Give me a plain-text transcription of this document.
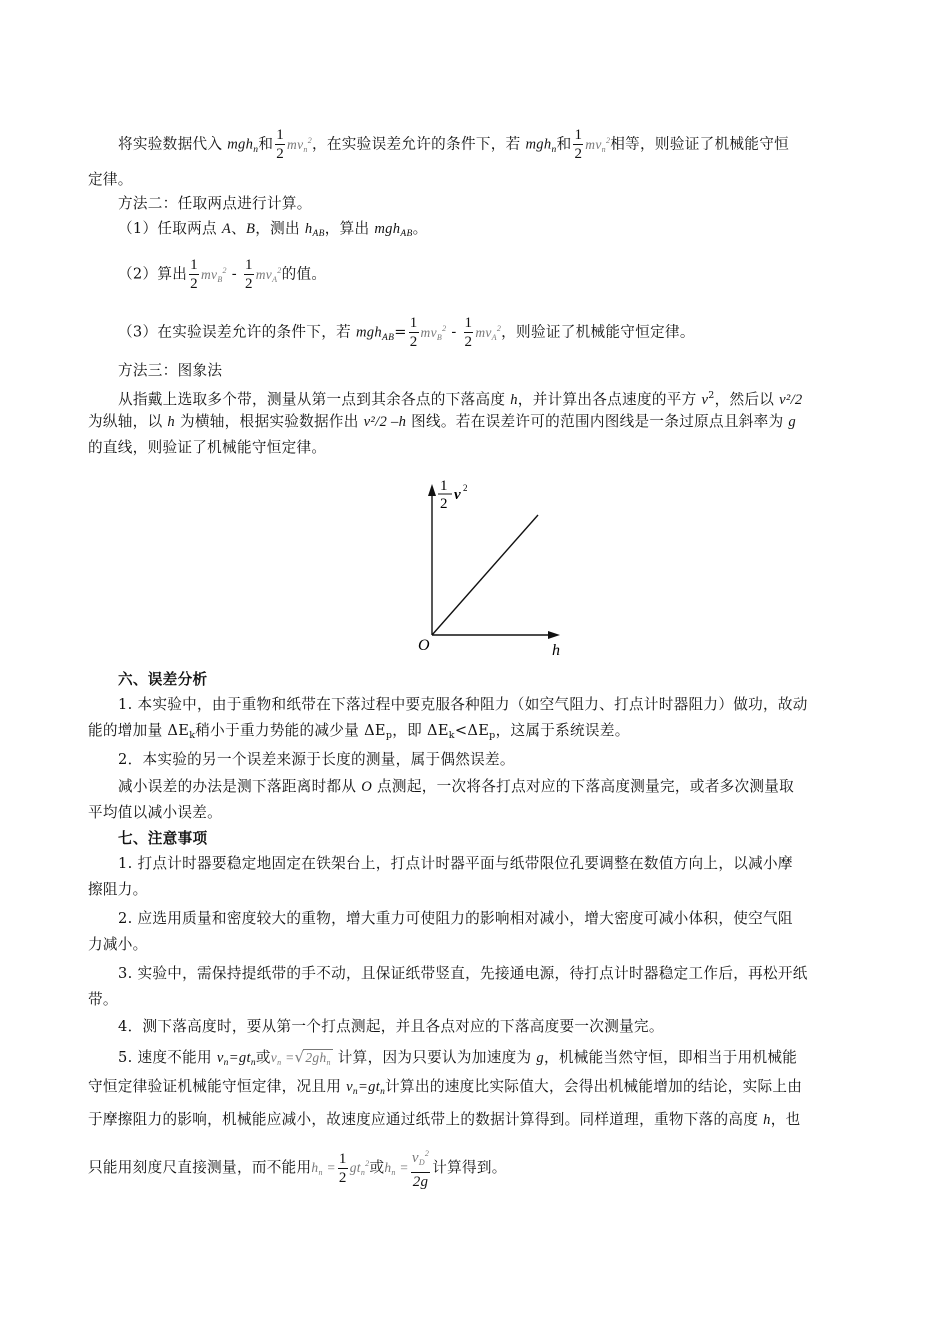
将实验数据代入 mgh$_n$和 $\frac{1}{2} mv_n^2$，在实验误差允许的条件下，若 mgh$_n$和 $\frac{1}{2} mv_n^2$相等，则验证了机械能守恒
定律。
方法二：任取两点进行计算。
（1）任取两点 A、B，测出 $h_{AB}$，算出 mgh$_{AB}$。
（2）算出 $\frac{1}{2} mv_B^2 - \frac{1}{2} mv_A^2$的值。
（3）在实验误差允许的条件下，若 $mgh_{AB}= \frac{1}{2} mv_B^2 - \frac{1}{2} mv_A^2$，则验证了机械能守恒定律。
方法三：图象法
从指戴上选取多个带，测量从第一点到其余各点的下落高度 h，并计算出各点速度的平方 $v^2$，然后以 v²/2
为纵轴，以 h 为横轴，根据实验数据作出 v²/2 –h 图线。若在误差许可的范围内图线是一条过原点且斜率为 g
的直线，则验证了机械能守恒定律。
1
2
v 2
O	h
六、误差分析
1. 本实验中，由于重物和纸带在下落过程中要克服各种阻力（如空气阻力、打点计时器阻力）做功，故动
能的增加量 $\Delta E_k$稍小于重力势能的减少量 $\Delta E_p$，即 $\Delta E_k<\Delta E_p$，这属于系统误差。
2．本实验的另一个误差来源于长度的测量，属于偶然误差。
减小误差的办法是测下落距离时都从 O 点测起，一次将各打点对应的下落高度测量完，或者多次测量取
平均值以减小误差。
七、注意事项
1. 打点计时器要稳定地固定在铁架台上，打点计时器平面与纸带限位孔要调整在数值方向上，以减小摩
擦阻力。
2. 应选用质量和密度较大的重物，增大重力可使阻力的影响相对减小，增大密度可减小体积，使空气阻
力减小。
3. 实验中，需保持提纸带的手不动，且保证纸带竖直，先接通电源，待打点计时器稳定工作后，再松开纸
带。
4．测下落高度时，要从第一个打点测起，并且各点对应的下落高度要一次测量完。
5. 速度不能用 $v_n=gt_n$或$v_n =√2gh_n$ 计算，因为只要认为加速度为 g，机械能当然守恒，即相当于用机械能
守恒定律验证机械能守恒定律，况且用 $v_n=gt_n$计算出的速度比实际值大，会得出机械能增加的结论，实际上由
于摩擦阻力的影响，机械能应减小，故速度应通过纸带上的数据计算得到。同样道理，重物下落的高度 h，也
只能用刻度尺直接测量，而不能用$h_n = \frac{1}{2} gt_n^2$或$h_n = \frac{v_D^2}{2g}$ 计算得到。
